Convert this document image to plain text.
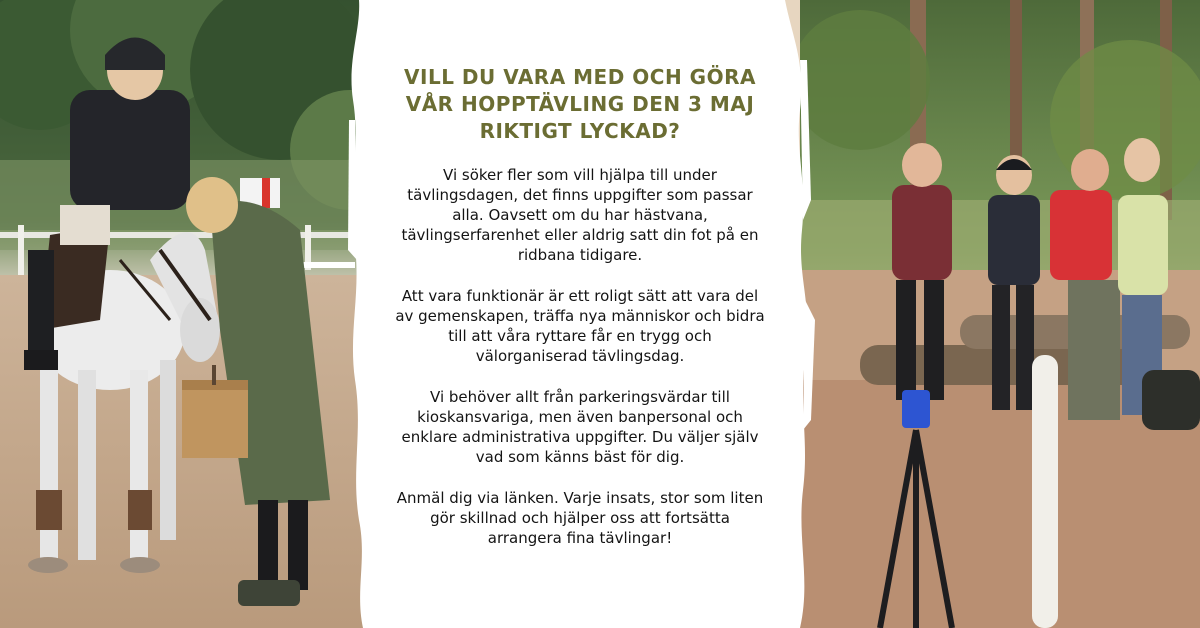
VILL DU VARA MED OCH GÖRA VÅR HOPPTÄVLING DEN 3 MAJ RIKTIGT LYCKAD?

Vi söker fler som vill hjälpa till under tävlingsdagen, det finns uppgifter som passar alla. Oavsett om du har hästvana, tävlingserfarenhet eller aldrig satt din fot på en ridbana tidigare.

Att vara funktionär är ett roligt sätt att vara del av gemenskapen, träffa nya människor och bidra till att våra ryttare får en trygg och välorganiserad tävlingsdag.

Vi behöver allt från parkeringsvärdar till kioskansvariga, men även banpersonal och enklare administrativa uppgifter. Du väljer själv vad som känns bäst för dig.

Anmäl dig via länken. Varje insats, stor som liten gör skillnad och hjälper oss att fortsätta arrangera fina tävlingar!
